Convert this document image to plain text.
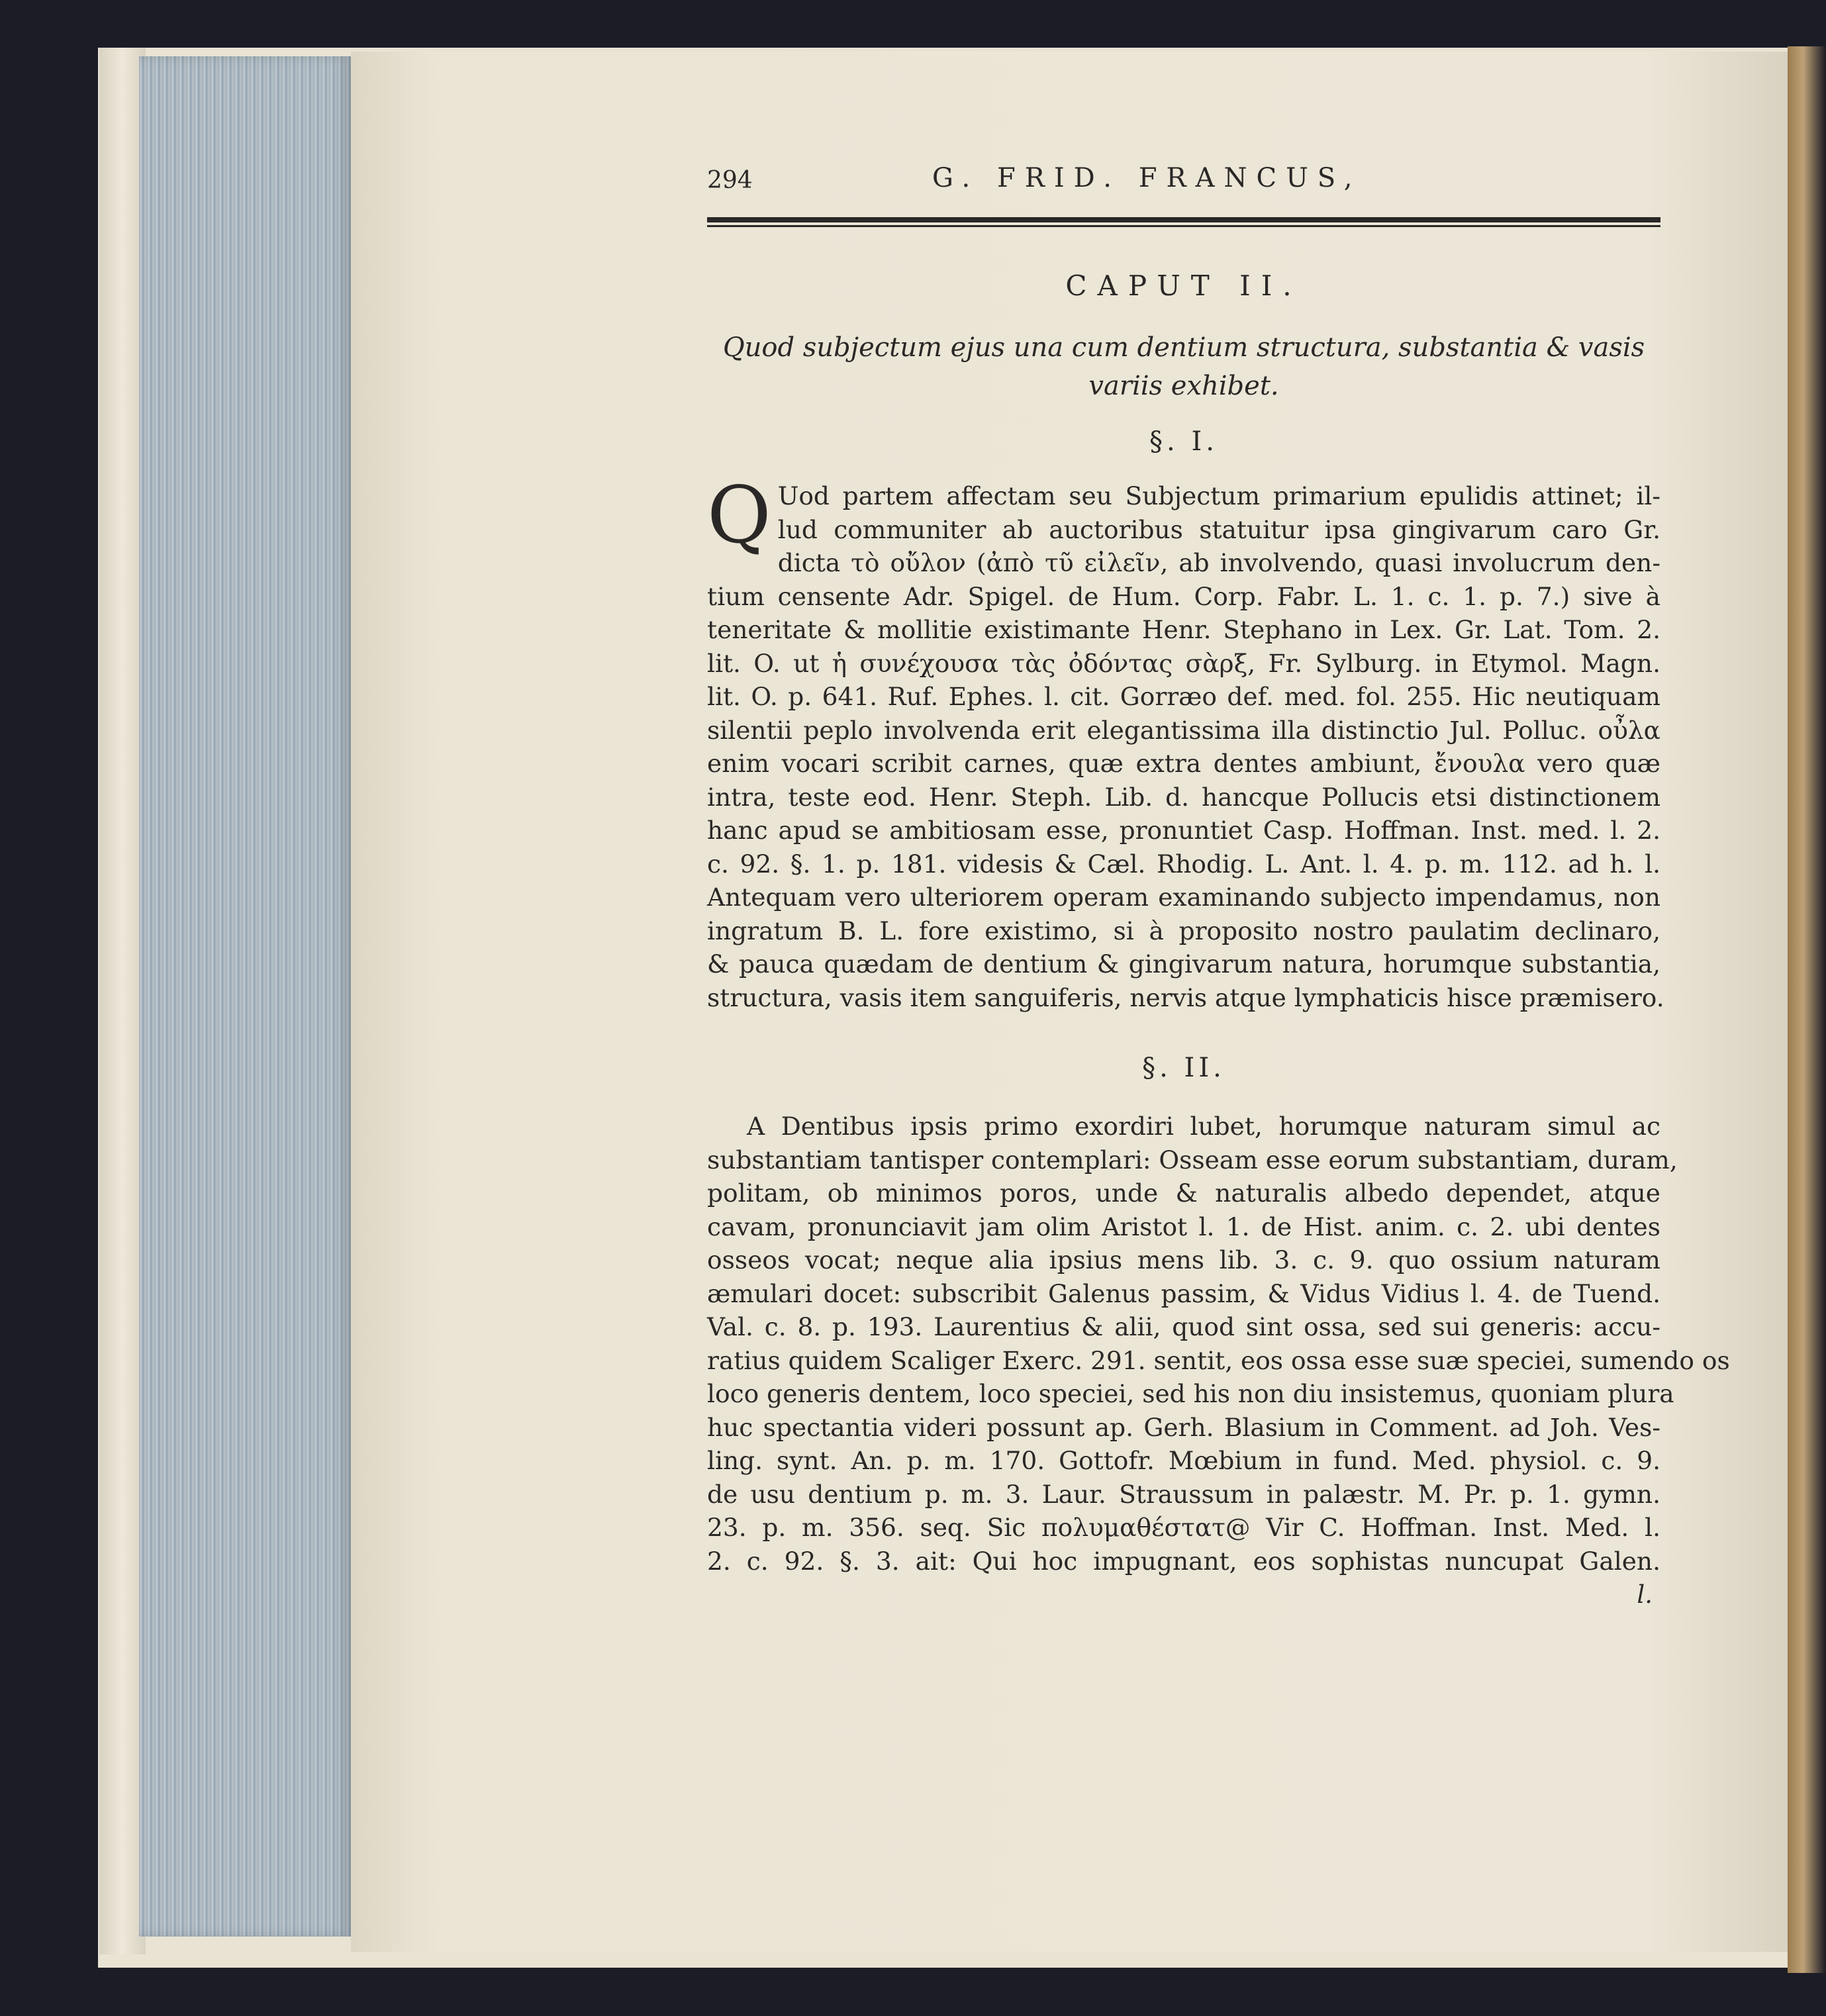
294	G. FRID. FRANCUS,
CAPUT II.
Quod subjectum ejus una cum dentium structura, substantia & vasis
variis exhibet.
§. I.
Q Uod partem affectam seu Subjectum primarium epulidis attinet; il-
lud communiter ab auctoribus statuitur ipsa gingivarum caro Gr.
dicta τὸ οὔλον (ἀπὸ τῦ εἰλεῖν, ab involvendo, quasi involucrum den-
tium censente Adr. Spigel. de Hum. Corp. Fabr. L. 1. c. 1. p. 7.) sive à
teneritate & mollitie existimante Henr. Stephano in Lex. Gr. Lat. Tom. 2.
lit. O. ut ἡ συνέχουσα τὰς ὀδόντας σὰρξ, Fr. Sylburg. in Etymol. Magn.
lit. O. p. 641. Ruf. Ephes. l. cit. Gorræo def. med. fol. 255. Hic neutiquam
silentii peplo involvenda erit elegantissima illa distinctio Jul. Polluc. οὖλα
enim vocari scribit carnes, quæ extra dentes ambiunt, ἔνουλα vero quæ
intra, teste eod. Henr. Steph. Lib. d. hancque Pollucis etsi distinctionem
hanc apud se ambitiosam esse, pronuntiet Casp. Hoffman. Inst. med. l. 2.
c. 92. §. 1. p. 181. videsis & Cæl. Rhodig. L. Ant. l. 4. p. m. 112. ad h. l.
Antequam vero ulteriorem operam examinando subjecto impendamus, non
ingratum B. L. fore existimo, si à proposito nostro paulatim declinaro,
& pauca quædam de dentium & gingivarum natura, horumque substantia,
structura, vasis item sanguiferis, nervis atque lymphaticis hisce præmisero.
§. II.
A Dentibus ipsis primo exordiri lubet, horumque naturam simul ac
substantiam tantisper contemplari: Osseam esse eorum substantiam, duram,
politam, ob minimos poros, unde & naturalis albedo dependet, atque
cavam, pronunciavit jam olim Aristot l. 1. de Hist. anim. c. 2. ubi dentes
osseos vocat; neque alia ipsius mens lib. 3. c. 9. quo ossium naturam
æmulari docet: subscribit Galenus passim, & Vidus Vidius l. 4. de Tuend.
Val. c. 8. p. 193. Laurentius & alii, quod sint ossa, sed sui generis: accu-
ratius quidem Scaliger Exerc. 291. sentit, eos ossa esse suæ speciei, sumendo os
loco generis dentem, loco speciei, sed his non diu insistemus, quoniam plura
huc spectantia videri possunt ap. Gerh. Blasium in Comment. ad Joh. Ves-
ling. synt. An. p. m. 170. Gottofr. Mœbium in fund. Med. physiol. c. 9.
de usu dentium p. m. 3. Laur. Straussum in palæstr. M. Pr. p. 1. gymn.
23. p. m. 356. seq. Sic πολυμαθέστατ@ Vir C. Hoffman. Inst. Med. l.
2. c. 92. §. 3. ait: Qui hoc impugnant, eos sophistas nuncupat Galen.
l.
